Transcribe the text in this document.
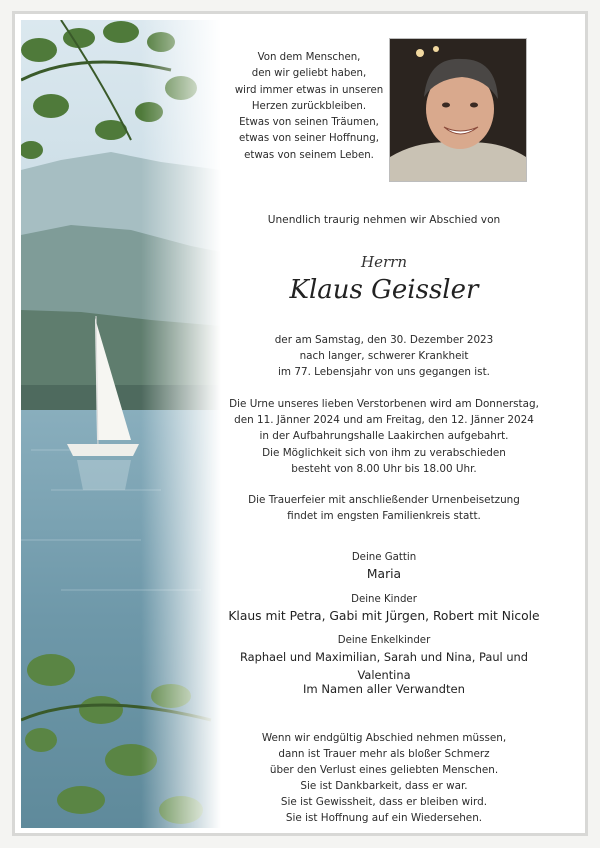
Von dem Menschen,
den wir geliebt haben,
wird immer etwas in unseren
Herzen zurückbleiben.
Etwas von seinen Träumen,
etwas von seiner Hoffnung,
etwas von seinem Leben.
Unendlich traurig nehmen wir Abschied von
Herrn
Klaus Geissler
der am Samstag, den 30. Dezember 2023
nach langer, schwerer Krankheit
im 77. Lebensjahr von uns gegangen ist.
Die Urne unseres lieben Verstorbenen wird am Donnerstag,
den 11. Jänner 2024 und am Freitag, den 12. Jänner 2024
in der Aufbahrungshalle Laakirchen aufgebahrt.
Die Möglichkeit sich von ihm zu verabschieden
besteht von 8.00 Uhr bis 18.00 Uhr.
Die Trauerfeier mit anschließender Urnenbeisetzung
findet im engsten Familienkreis statt.
Deine Gattin
Maria
Deine Kinder
Klaus mit Petra, Gabi mit Jürgen, Robert mit Nicole
Deine Enkelkinder
Raphael und Maximilian, Sarah und Nina, Paul und Valentina
Im Namen aller Verwandten
Wenn wir endgültig Abschied nehmen müssen,
dann ist Trauer mehr als bloßer Schmerz
über den Verlust eines geliebten Menschen.
Sie ist Dankbarkeit, dass er war.
Sie ist Gewissheit, dass er bleiben wird.
Sie ist Hoffnung auf ein Wiedersehen.
